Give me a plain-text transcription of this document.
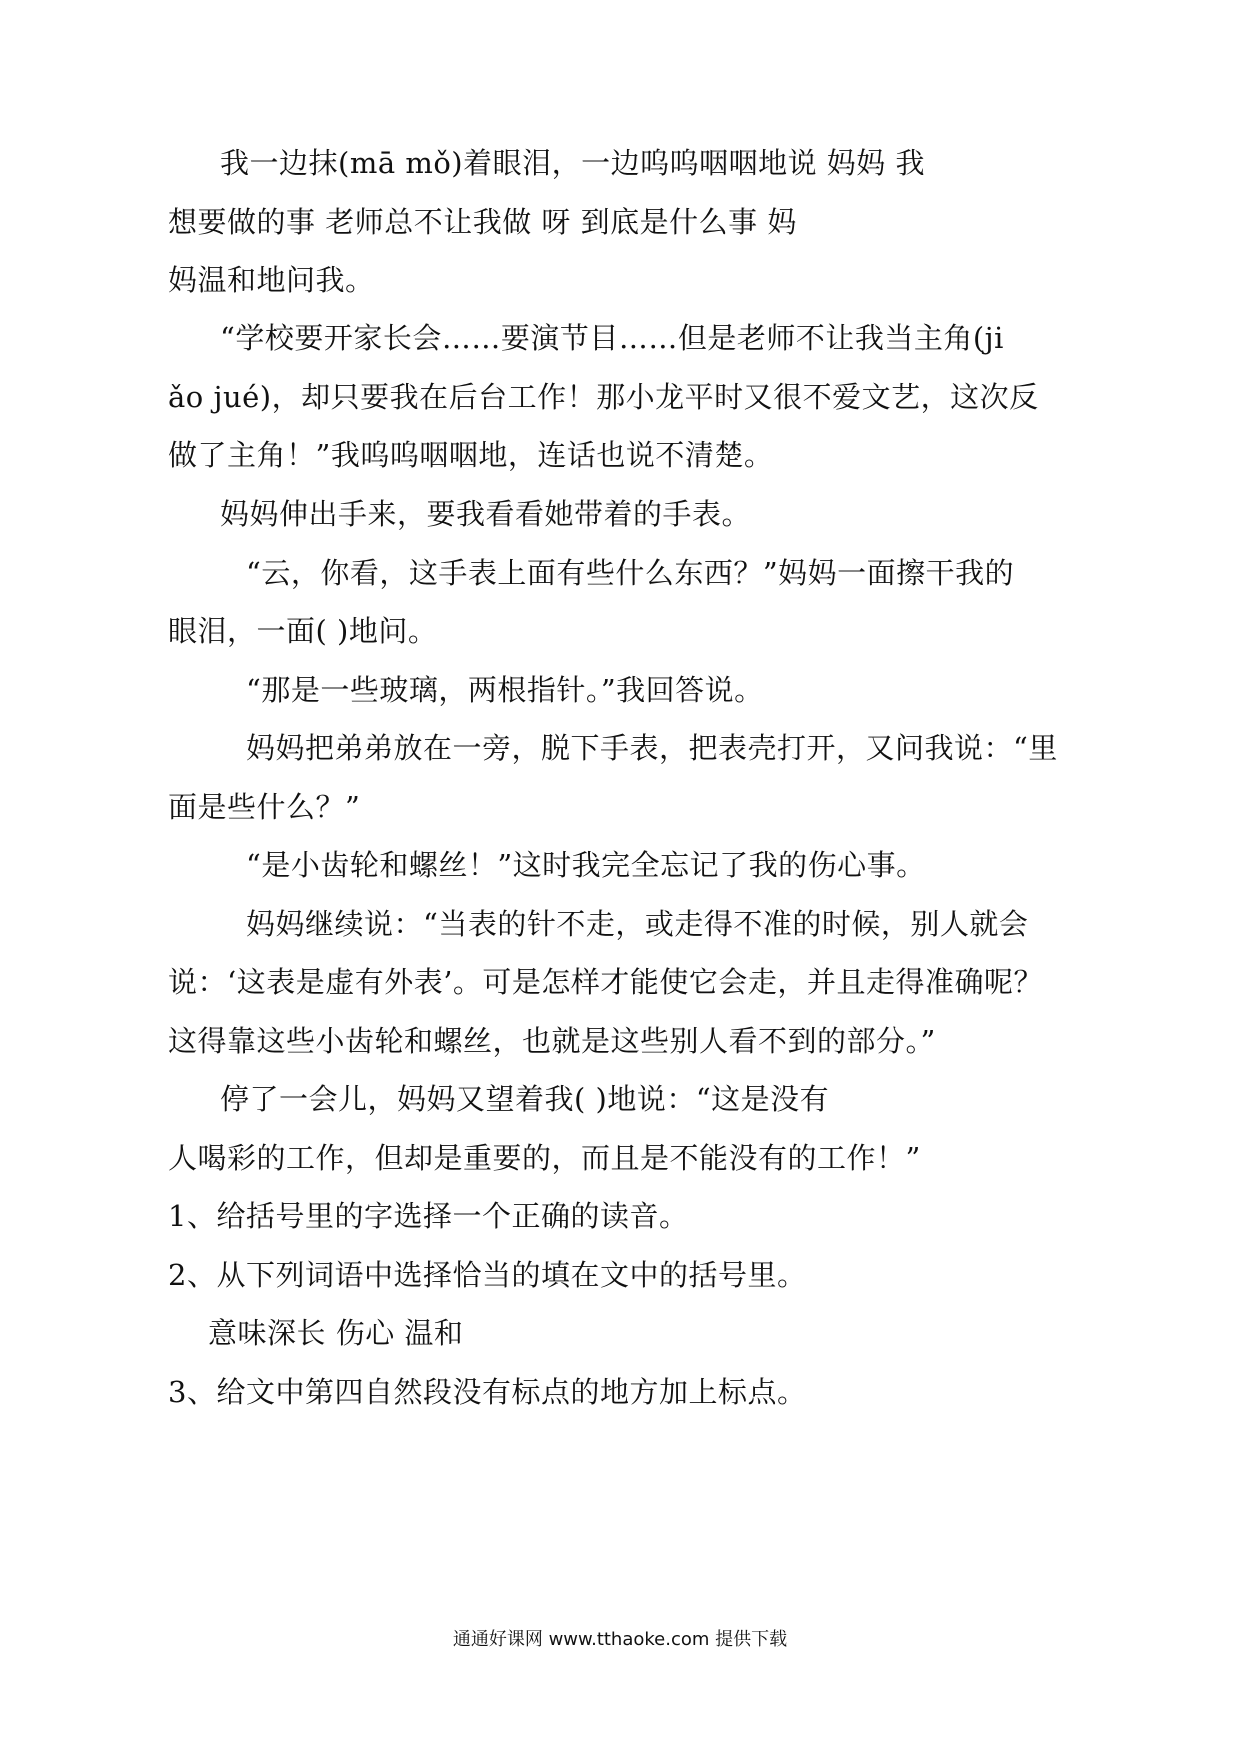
我一边抹(mā mǒ)着眼泪，一边呜呜咽咽地说 妈妈 我

想要做的事 老师总不让我做 呀 到底是什么事 妈

妈温和地问我。

“学校要开家长会……要演节目……但是老师不让我当主角(ji

ǎo jué)，却只要我在后台工作！那小龙平时又很不爱文艺，这次反

做了主角！”我呜呜咽咽地，连话也说不清楚。

妈妈伸出手来，要我看看她带着的手表。

“云，你看，这手表上面有些什么东西？”妈妈一面擦干我的

眼泪，一面( )地问。

“那是一些玻璃，两根指针。”我回答说。

妈妈把弟弟放在一旁，脱下手表，把表壳打开，又问我说：“里

面是些什么？”

“是小齿轮和螺丝！”这时我完全忘记了我的伤心事。

妈妈继续说：“当表的针不走，或走得不准的时候，别人就会

说：‘这表是虚有外表’。可是怎样才能使它会走，并且走得准确呢？

这得靠这些小齿轮和螺丝，也就是这些别人看不到的部分。”

停了一会儿，妈妈又望着我( )地说：“这是没有

人喝彩的工作，但却是重要的，而且是不能没有的工作！”

1、给括号里的字选择一个正确的读音。

2、从下列词语中选择恰当的填在文中的括号里。

意味深长 伤心 温和

3、给文中第四自然段没有标点的地方加上标点。

通通好课网 www.tthaoke.com 提供下载
